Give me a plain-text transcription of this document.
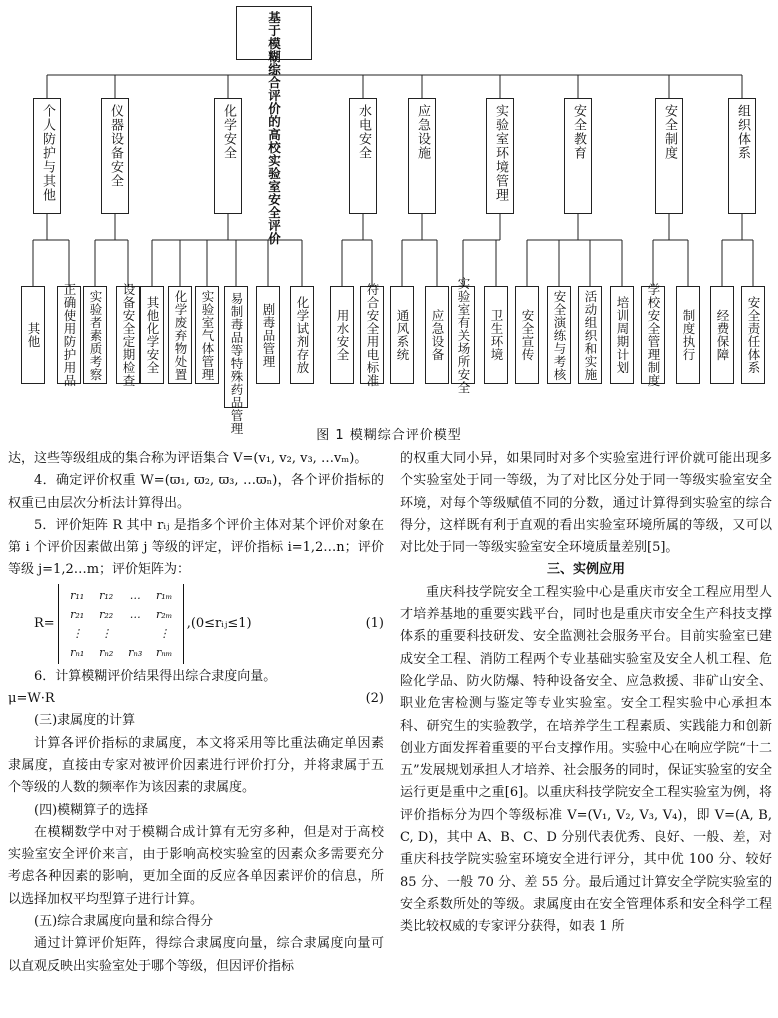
基于模糊综合评价的高校实验室安全评价
个人防护与其他
其他 正确使用防护用品
仪器设备安全
实验者素质考察 设备安全定期检查
化学安全
其他化学安全 化学废弃物处置 实验室气体管理 易制毒品等特殊药品管理 剧毒品管理 化学试剂存放
水电安全
用水安全 符合安全用电标准
应急设施
通风系统 应急设备
实验室环境管理
实验室有关场所安全 卫生环境
安全教育
安全宣传 安全演练与考核 活动组织和实施 培训周期计划
安全制度
学校安全管理制度 制度执行
组织体系
经费保障 安全责任体系
图 1 模糊综合评价模型

达，这些等级组成的集合称为评语集合 V=(v₁, v₂, v₃, …vₘ)。

4．确定评价权重 W=(ϖ₁, ϖ₂, ϖ₃, …ϖₙ)，各个评价指标的权重已由层次分析法计算得出。

5．评价矩阵 R 其中 rᵢⱼ 是指多个评价主体对某个评价对象在第 i 个评价因素做出第 j 等级的评定，评价指标 i=1,2…n；评价等级 j=1,2…m；评价矩阵为：

R=
r₁₁	r₁₂	…	r₁ₘ
r₂₁	r₂₂	…	r₂ₘ
⋮	⋮	⋮
rₙ₁	rₙ₂	rₙ₃	rₙₘ
,(0≤rᵢⱼ≤1)	(1)

6．计算模糊评价结果得出综合隶度向量。

μ=W·R	(2)

(三)隶属度的计算

计算各评价指标的隶属度，本文将采用等比重法确定单因素隶属度，直接由专家对被评价因素进行评价打分，并将隶属于五个等级的人数的频率作为该因素的隶属度。

(四)模糊算子的选择

在模糊数学中对于模糊合成计算有无穷多种，但是对于高校实验室安全评价来言，由于影响高校实验室的因素众多需要充分考虑各种因素的影响，更加全面的反应各单因素评价的信息，所以选择加权平均型算子进行计算。

(五)综合隶属度向量和综合得分

通过计算评价矩阵，得综合隶属度向量，综合隶属度向量可以直观反映出实验室处于哪个等级，但因评价指标

的权重大同小异，如果同时对多个实验室进行评价就可能出现多个实验室处于同一等级，为了对比区分处于同一等级实验室安全环境，对每个等级赋值不同的分数，通过计算得到实验室的综合得分，这样既有利于直观的看出实验室环境所属的等级，又可以对比处于同一等级实验室安全环境质量差别[5]。

三、实例应用

重庆科技学院安全工程实验中心是重庆市安全工程应用型人才培养基地的重要实践平台，同时也是重庆市安全生产科技支撑体系的重要科技研发、安全监测社会服务平台。目前实验室已建成安全工程、消防工程两个专业基础实验室及安全人机工程、危险化学品、防火防爆、特种设备安全、应急救援、非矿山安全、职业危害检测与鉴定等专业实验室。安全工程实验中心承担本科、研究生的实验教学，在培养学生工程素质、实践能力和创新创业方面发挥着重要的平台支撑作用。实验中心在响应学院“十二五”发展规划承担人才培养、社会服务的同时，保证实验室的安全运行更是重中之重[6]。以重庆科技学院安全工程实验室为例，将评价指标分为四个等级标准 V=(V₁, V₂, V₃, V₄)，即 V=(A, B, C, D)，其中 A、B、C、D 分别代表优秀、良好、一般、差，对重庆科技学院实验室环境安全进行评分，其中优 100 分、较好 85 分、一般 70 分、差 55 分。最后通过计算安全学院实验室的安全系数所处的等级。隶属度由在安全管理体系和安全科学工程类比较权威的专家评分获得，如表 1 所
